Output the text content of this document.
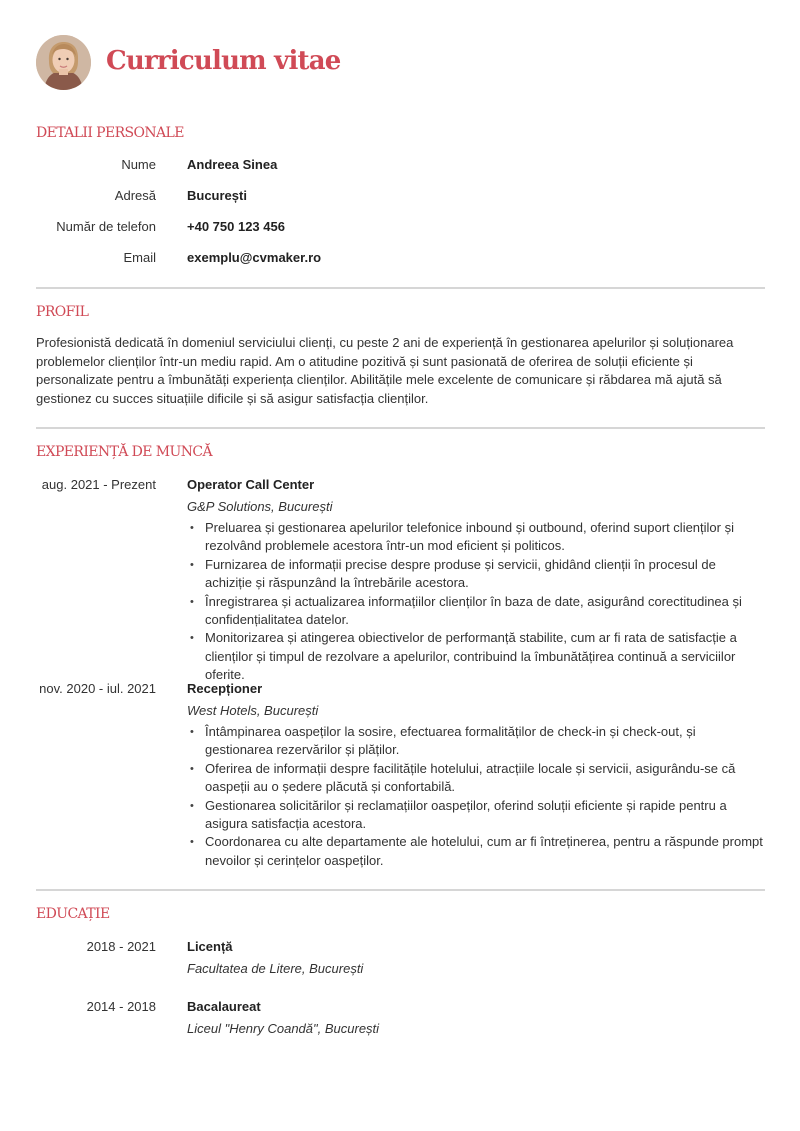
Curriculum vitae
DETALII PERSONALE
Nume Andreea Sinea
Adresă București
Număr de telefon +40 750 123 456
Email exemplu@cvmaker.ro
PROFIL

Profesionistă dedicată în domeniul serviciului clienți, cu peste 2 ani de experiență în gestionarea apelurilor și soluționarea problemelor clienților într-un mediu rapid. Am o atitudine pozitivă și sunt pasionată de oferirea de soluții eficiente și personalizate pentru a îmbunătăți experiența clienților. Abilitățile mele excelente de comunicare și răbdarea mă ajută să gestionez cu succes situațiile dificile și să asigur satisfacția clienților.

EXPERIENȚĂ DE MUNCĂ
aug. 2021 - Prezent Operator Call Center
G&P Solutions, București
• Preluarea și gestionarea apelurilor telefonice inbound și outbound, oferind suport clienților și rezolvând problemele acestora într-un mod eficient și politicos.
• Furnizarea de informații precise despre produse și servicii, ghidând clienții în procesul de achiziție și răspunzând la întrebările acestora.
• Înregistrarea și actualizarea informațiilor clienților în baza de date, asigurând corectitudinea și confidențialitatea datelor.
• Monitorizarea și atingerea obiectivelor de performanță stabilite, cum ar fi rata de satisfacție a clienților și timpul de rezolvare a apelurilor, contribuind la îmbunătățirea continuă a serviciilor oferite.
nov. 2020 - iul. 2021 Recepționer
West Hotels, București
• Întâmpinarea oaspeților la sosire, efectuarea formalităților de check-in și check-out, și gestionarea rezervărilor și plăților.
• Oferirea de informații despre facilitățile hotelului, atracțiile locale și servicii, asigurându-se că oaspeții au o ședere plăcută și confortabilă.
• Gestionarea solicitărilor și reclamațiilor oaspeților, oferind soluții eficiente și rapide pentru a asigura satisfacția acestora.
• Coordonarea cu alte departamente ale hotelului, cum ar fi întreținerea, pentru a răspunde prompt nevoilor și cerințelor oaspeților.
EDUCAȚIE
2018 - 2021 Licență
Facultatea de Litere, București
2014 - 2018 Bacalaureat
Liceul "Henry Coandă", București
